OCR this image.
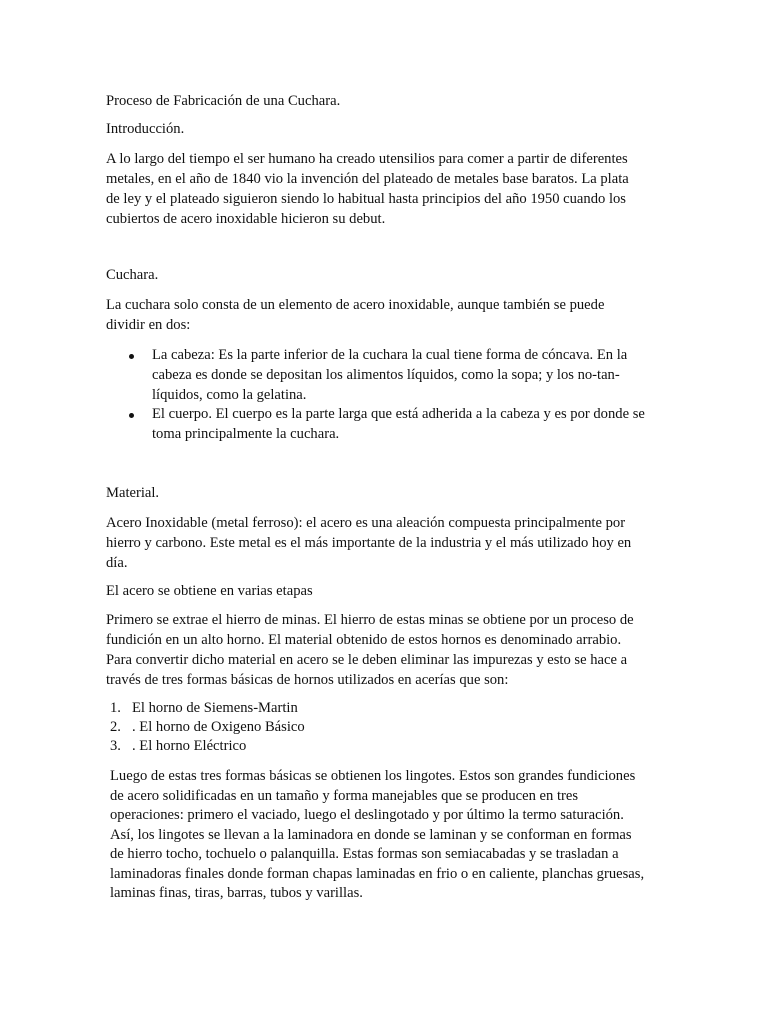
Proceso de Fabricación de una Cuchara.

Introducción.

A lo largo del tiempo el ser humano ha creado utensilios para comer a partir de diferentes

metales, en el año de 1840 vio la invención del plateado de metales base baratos. La plata

de ley y el plateado siguieron siendo lo habitual hasta principios del año 1950 cuando los

cubiertos de acero inoxidable hicieron su debut.

Cuchara.

La cuchara solo consta de un elemento de acero inoxidable, aunque también se puede

dividir en dos:

La cabeza: Es la parte inferior de la cuchara la cual tiene forma de cóncava. En la

cabeza es donde se depositan los alimentos líquidos, como la sopa; y los no-tan-

líquidos, como la gelatina.

El cuerpo. El cuerpo es la parte larga que está adherida a la cabeza y es por donde se

toma principalmente la cuchara.

Material.

Acero Inoxidable (metal ferroso): el acero es una aleación compuesta principalmente por

hierro y carbono. Este metal es el más importante de la industria y el más utilizado hoy en

día.

El acero se obtiene en varias etapas

Primero se extrae el hierro de minas. El hierro de estas minas se obtiene por un proceso de

fundición en un alto horno. El material obtenido de estos hornos es denominado arrabio.

Para convertir dicho material en acero se le deben eliminar las impurezas y esto se hace a

través de tres formas básicas de hornos utilizados en acerías que son:

1. El horno de Siemens-Martin

2. . El horno de Oxigeno Básico

3. . El horno Eléctrico

Luego de estas tres formas básicas se obtienen los lingotes. Estos son grandes fundiciones

de acero solidificadas en un tamaño y forma manejables que se producen en tres

operaciones: primero el vaciado, luego el deslingotado y por último la termo saturación.

Así, los lingotes se llevan a la laminadora en donde se laminan y se conforman en formas

de hierro tocho, tochuelo o palanquilla. Estas formas son semiacabadas y se trasladan a

laminadoras finales donde forman chapas laminadas en frio o en caliente, planchas gruesas,

laminas finas, tiras, barras, tubos y varillas.
